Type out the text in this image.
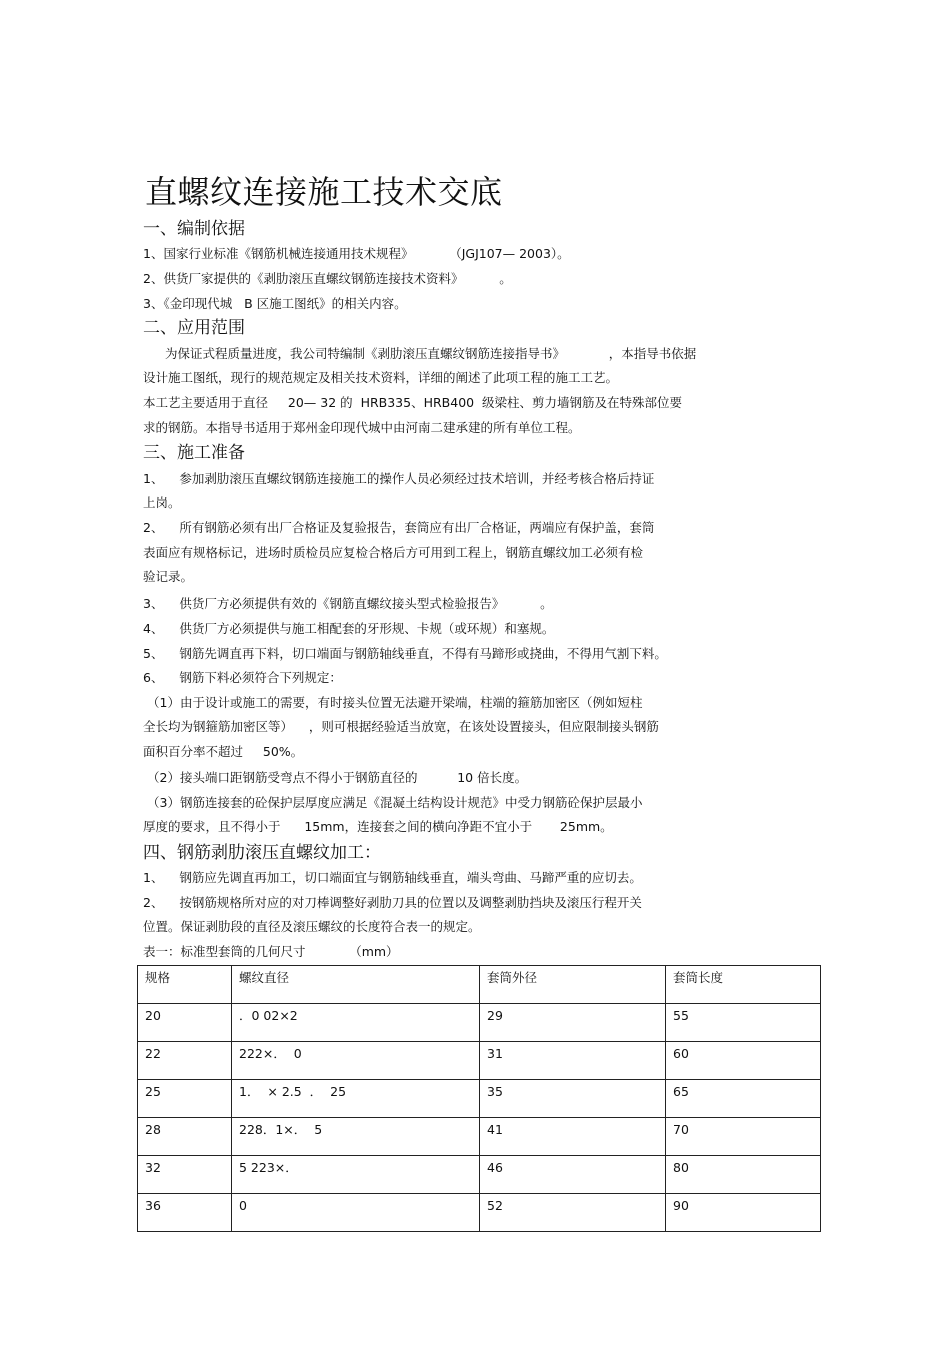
直螺纹连接施工技术交底
一、编制依据
1、国家行业标准《钢筋机械连接通用技术规程》         （JGJ107— 2003）。
2、供货厂家提供的《剥肋滚压直螺纹钢筋连接技术资料》         。
3、《金印现代城   B 区施工图纸》的相关内容。
二、应用范围
为保证式程质量进度，我公司特编制《剥肋滚压直螺纹钢筋连接指导书》           ，本指导书依据
设计施工图纸，现行的规范规定及相关技术资料，详细的阐述了此项工程的施工工艺。
本工艺主要适用于直径     20— 32 的  HRB335、HRB400  级梁柱、剪力墙钢筋及在特殊部位要
求的钢筋。本指导书适用于郑州金印现代城中由河南二建承建的所有单位工程。
三、施工准备
1、    参加剥肋滚压直螺纹钢筋连接施工的操作人员必须经过技术培训，并经考核合格后持证
上岗。
2、    所有钢筋必须有出厂合格证及复验报告，套筒应有出厂合格证，两端应有保护盖，套筒
表面应有规格标记，进场时质检员应复检合格后方可用到工程上，钢筋直螺纹加工必须有检
验记录。
3、    供货厂方必须提供有效的《钢筋直螺纹接头型式检验报告》         。
4、    供货厂方必须提供与施工相配套的牙形规、卡规（或环规）和塞规。
5、    钢筋先调直再下料，切口端面与钢筋轴线垂直，不得有马蹄形或挠曲，不得用气割下料。
6、    钢筋下料必须符合下列规定：
（1）由于设计或施工的需要，有时接头位置无法避开梁端，柱端的箍筋加密区（例如短柱
全长均为钢箍筋加密区等）    ，则可根据经验适当放宽，在该处设置接头，但应限制接头钢筋
面积百分率不超过     50%。
（2）接头端口距钢筋受弯点不得小于钢筋直径的          10 倍长度。
（3）钢筋连接套的砼保护层厚度应满足《混凝土结构设计规范》中受力钢筋砼保护层最小
厚度的要求，且不得小于      15mm，连接套之间的横向净距不宜小于       25mm。
四、钢筋剥肋滚压直螺纹加工：
1、    钢筋应先调直再加工，切口端面宜与钢筋轴线垂直，端头弯曲、马蹄严重的应切去。
2、    按钢筋规格所对应的对刀棒调整好剥肋刀具的位置以及调整剥肋挡块及滚压行程开关
位置。保证剥肋段的直径及滚压螺纹的长度符合表一的规定。
表一：标准型套筒的几何尺寸           （mm）
规格	螺纹直径	套筒外径	套筒长度

20	．0 02×2	29	55

22	222×．  0	31	60

25	1．  × 2.5  ．  25	35	65

28	228．1×．  5	41	70

32	5 223×．	46	80

36	0	52	90
